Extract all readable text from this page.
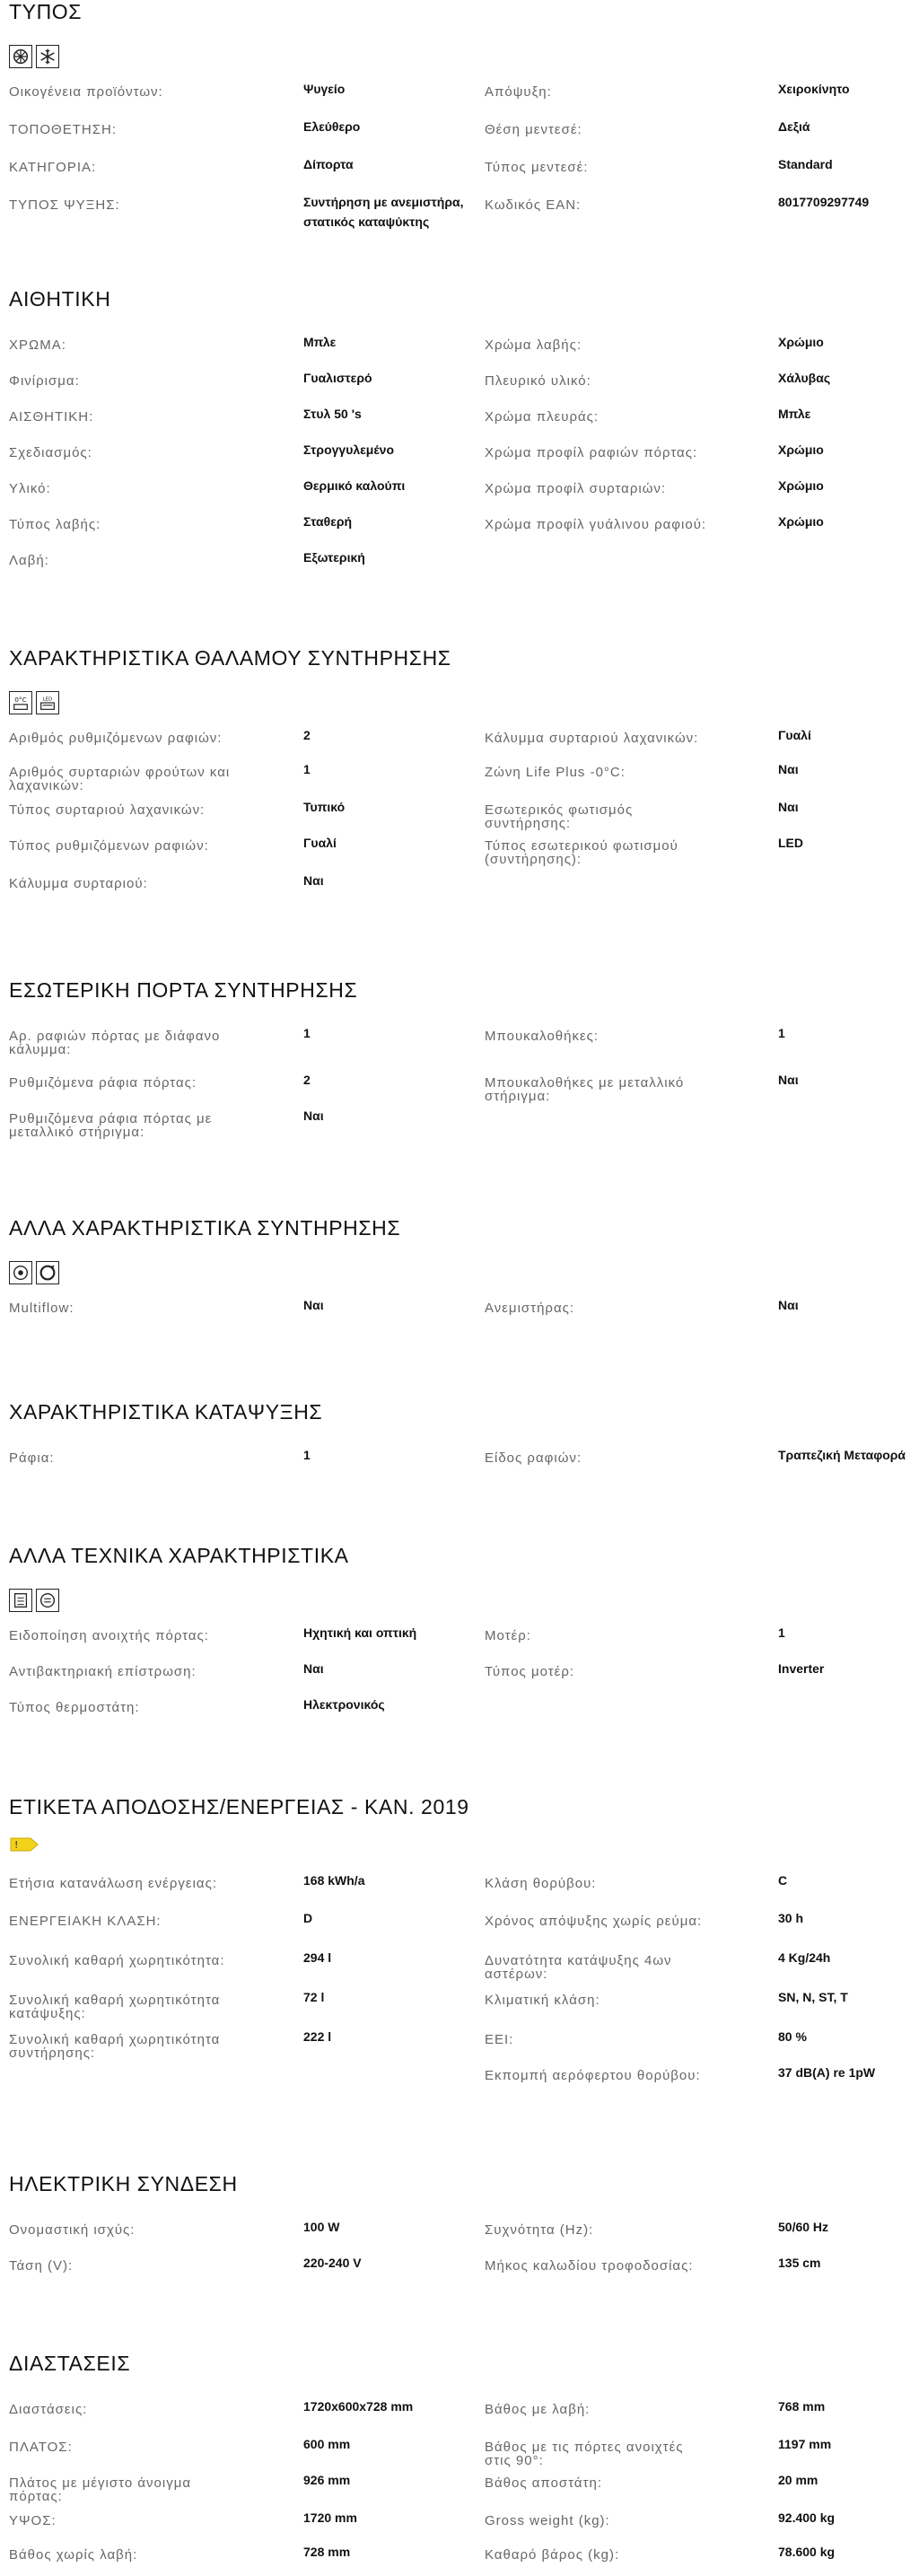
ΤΥΠΟΣ
Οικογένεια προϊόντων:	Ψυγείο	Απόψυξη:	Χειροκίνητο
ΤΟΠΟΘΕΤΗΣΗ:	Ελεύθερο	Θέση μεντεσέ:	Δεξιά
ΚΑΤΗΓΟΡΙΑ:	Δίπορτα	Τύπος μεντεσέ:	Standard
ΤΥΠΟΣ ΨΥΞΗΣ:	Συντήρηση με ανεμιστήρα,
στατικός καταψύκτης
Κωδικός EAN:	8017709297749
ΑΙΘΗΤΙΚΗ
ΧΡΩΜΑ:	Μπλε	Χρώμα λαβής:	Χρώμιο
Φινίρισμα:	Γυαλιστερό	Πλευρικό υλικό:	Χάλυβας
ΑΙΣΘΗΤΙΚΗ:	Στυλ 50 's	Χρώμα πλευράς:	Μπλε
Σχεδιασμός:	Στρογγυλεμένο	Χρώμα προφίλ ραφιών πόρτας:	Χρώμιο
Υλικό:	Θερμικό καλούπι	Χρώμα προφίλ συρταριών:	Χρώμιο
Τύπος λαβής:	Σταθερή	Χρώμα προφίλ γυάλινου ραφιού:	Χρώμιο
Λαβή:	Εξωτερική
ΧΑΡΑΚΤΗΡΙΣΤΙΚΑ ΘΑΛΑΜΟΥ ΣΥΝΤΗΡΗΣΗΣ
0°C	LED
Αριθμός ρυθμιζόμενων ραφιών:	2	Κάλυμμα συρταριού λαχανικών:	Γυαλί
Αριθμός συρταριών φρούτων και λαχανικών:
1	Ζώνη Life Plus -0°C:	Ναι
Τύπος συρταριού λαχανικών:	Τυπικό	Εσωτερικός φωτισμός συντήρησης:
Ναι
Τύπος ρυθμιζόμενων ραφιών:	Γυαλί	Τύπος εσωτερικού φωτισμού (συντήρησης):
LED
Κάλυμμα συρταριού:	Ναι
ΕΣΩΤΕΡΙΚΗ ΠΟΡΤΑ ΣΥΝΤΗΡΗΣΗΣ
Αρ. ραφιών πόρτας με διάφανο κάλυμμα:
1	Μπουκαλοθήκες:	1
Ρυθμιζόμενα ράφια πόρτας:	2	Μπουκαλοθήκες με μεταλλικό στήριγμα:
Ναι
Ρυθμιζόμενα ράφια πόρτας με μεταλλικό στήριγμα:
Ναι
ΑΛΛΑ ΧΑΡΑΚΤΗΡΙΣΤΙΚΑ ΣΥΝΤΗΡΗΣΗΣ
Multiflow:	Ναι	Ανεμιστήρας:	Ναι
ΧΑΡΑΚΤΗΡΙΣΤΙΚΑ ΚΑΤΑΨΥΞΗΣ
Ράφια:	1	Είδος ραφιών:	Τραπεζική Μεταφορά
ΑΛΛΑ ΤΕΧΝΙΚΑ ΧΑΡΑΚΤΗΡΙΣΤΙΚΑ
Ειδοποίηση ανοιχτής πόρτας:	Ηχητική και οπτική	Μοτέρ:	1
Αντιβακτηριακή επίστρωση:	Ναι	Τύπος μοτέρ:	Inverter
Τύπος θερμοστάτη:	Ηλεκτρονικός
ΕΤΙΚΕΤΑ ΑΠΟΔΟΣΗΣ/ΕΝΕΡΓΕΙΑΣ - ΚΑΝ. 2019
!
Ετήσια κατανάλωση ενέργειας:	168 kWh/a	Κλάση θορύβου:	C
ΕΝΕΡΓΕΙΑΚΗ ΚΛΑΣΗ:	D	Χρόνος απόψυξης χωρίς ρεύμα:	30 h
Συνολική καθαρή χωρητικότητα:	294 l	Δυνατότητα κατάψυξης 4ων αστέρων:
4 Kg/24h
Συνολική καθαρή χωρητικότητα κατάψυξης:
72 l	Κλιματική κλάση:	SN, N, ST, T
Συνολική καθαρή χωρητικότητα συντήρησης:
222 l	EEI:	80 %
Εκπομπή αερόφερτου θορύβου:	37 dB(A) re 1pW
ΗΛΕΚΤΡΙΚΗ ΣΥΝΔΕΣΗ
Ονομαστική ισχύς:	100 W	Συχνότητα (Hz):	50/60 Hz
Τάση (V):	220-240 V	Μήκος καλωδίου τροφοδοσίας:	135 cm
ΔΙΑΣΤΑΣΕΙΣ
Διαστάσεις:	1720x600x728 mm	Βάθος με λαβή:	768 mm
ΠΛΑΤΟΣ:	600 mm	Βάθος με τις πόρτες ανοιχτές στις 90°:
1197 mm
Πλάτος με μέγιστο άνοιγμα πόρτας:
926 mm	Βάθος αποστάτη:	20 mm
ΥΨΟΣ:	1720 mm	Gross weight (kg):	92.400 kg
Βάθος χωρίς λαβή:	728 mm	Καθαρό βάρος (kg):	78.600 kg
